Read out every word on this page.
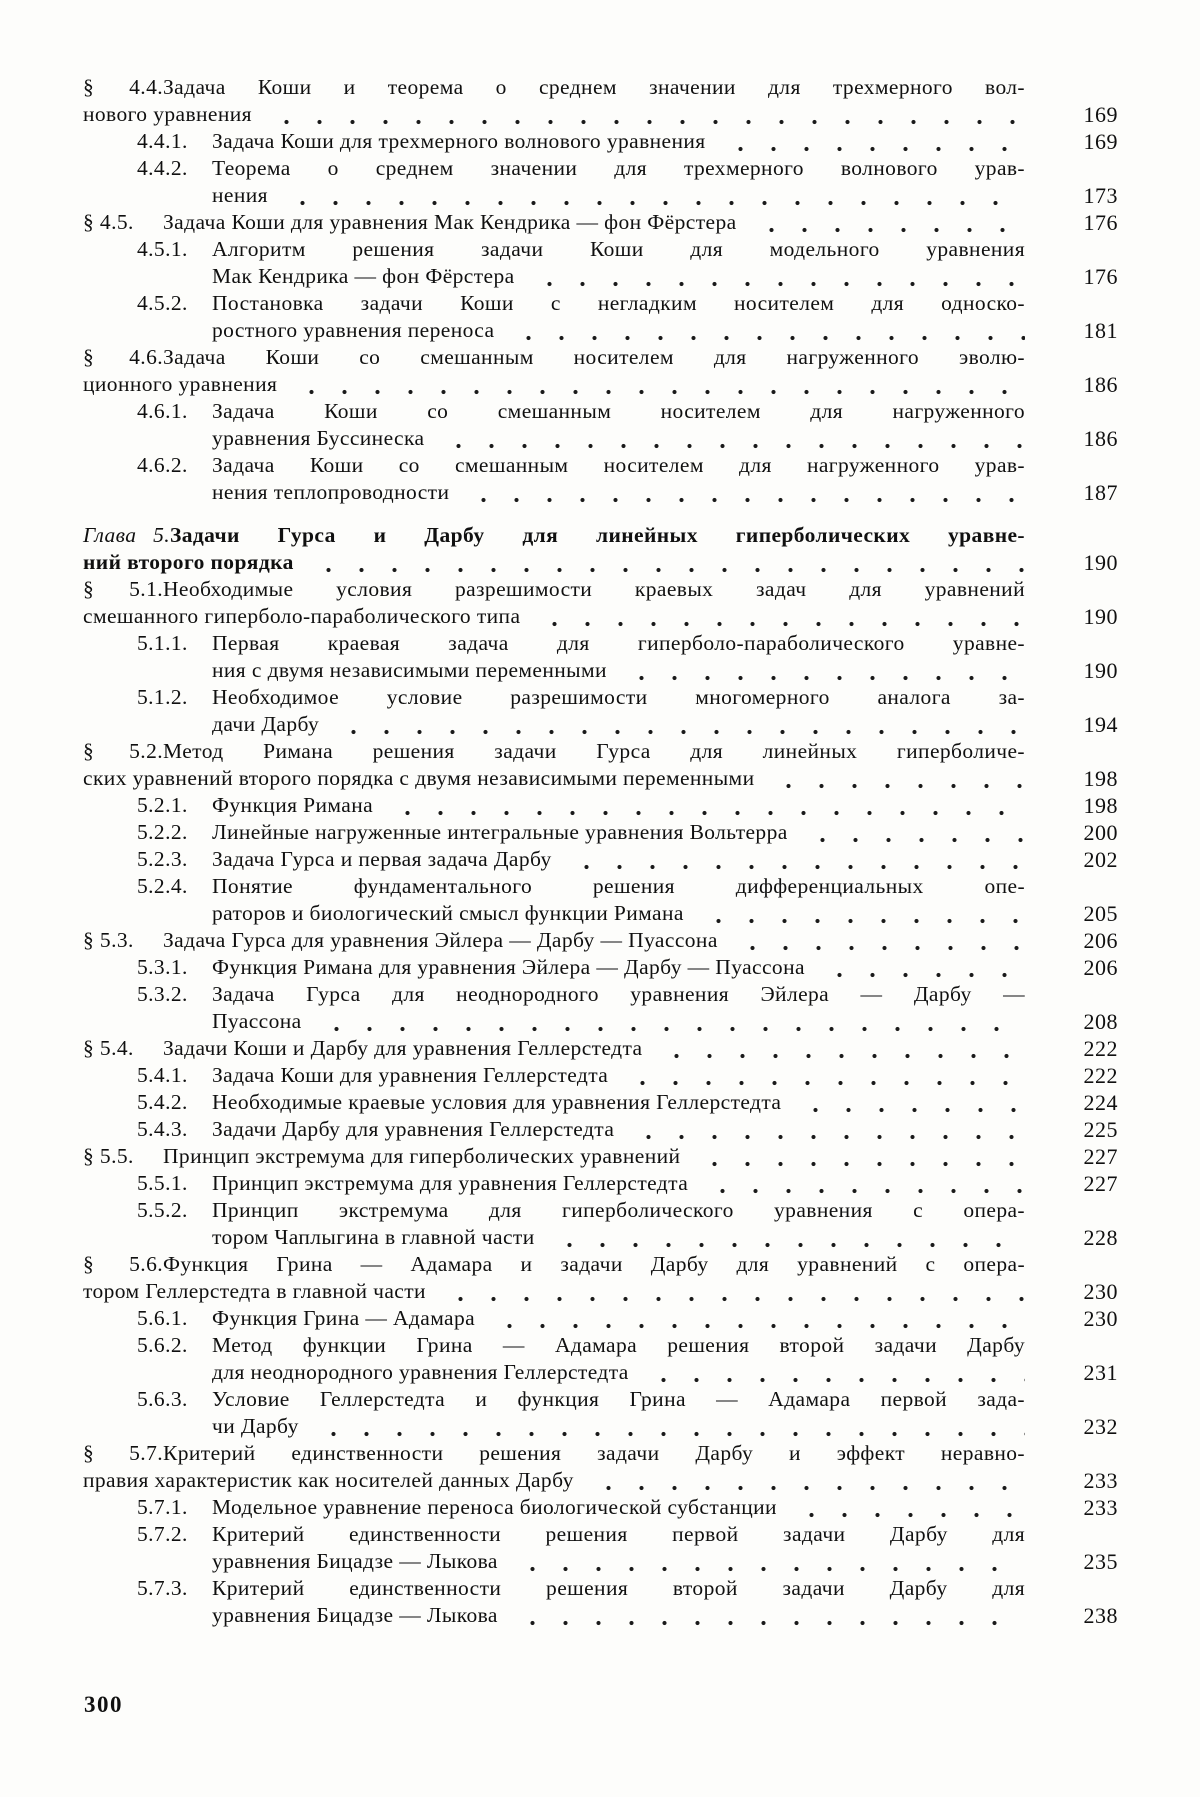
§ 4.4.Задача Коши и теорема о среднем значении для трехмерного вол-
нового уравнения	169
4.4.1.	Задача Коши для трехмерного волнового уравнения	169
4.4.2. Теорема о среднем значении для трехмерного волнового урав-
нения	173
§ 4.5.	Задача Коши для уравнения Мак Кендрика — фон Фёрстера	176
4.5.1. Алгоритм решения задачи Коши для модельного уравнения
Мак Кендрика — фон Фёрстера	176
4.5.2. Постановка задачи Коши с негладким носителем для односко-
ростного уравнения переноса	181
§ 4.6.Задача Коши со смешанным носителем для нагруженного эволю-
ционного уравнения	186
4.6.1. Задача Коши со смешанным носителем для нагруженного
уравнения Буссинеска	186
4.6.2. Задача Коши со смешанным носителем для нагруженного урав-
нения теплопроводности	187
Глава 5.Задачи Гурса и Дарбу для линейных гиперболических уравне-
ний второго порядка	190
§ 5.1.Необходимые условия разрешимости краевых задач для уравнений
смешанного гиперболо-параболического типа	190
5.1.1. Первая краевая задача для гиперболо-параболического уравне-
ния с двумя независимыми переменными	190
5.1.2. Необходимое условие разрешимости многомерного аналога за-
дачи Дарбу	194
§ 5.2.Метод Римана решения задачи Гурса для линейных гиперболиче-
ских уравнений второго порядка с двумя независимыми переменными	198
5.2.1.	Функция Римана	198
5.2.2.	Линейные нагруженные интегральные уравнения Вольтерра	200
5.2.3.	Задача Гурса и первая задача Дарбу	202
5.2.4. Понятие фундаментального решения дифференциальных опе-
раторов и биологический смысл функции Римана	205
§ 5.3.	Задача Гурса для уравнения Эйлера — Дарбу — Пуассона	206
5.3.1.	Функция Римана для уравнения Эйлера — Дарбу — Пуассона	206
5.3.2. Задача Гурса для неоднородного уравнения Эйлера — Дарбу —
Пуассона	208
§ 5.4.	Задачи Коши и Дарбу для уравнения Геллерстедта	222
5.4.1.	Задача Коши для уравнения Геллерстедта	222
5.4.2.	Необходимые краевые условия для уравнения Геллерстедта	224
5.4.3.	Задачи Дарбу для уравнения Геллерстедта	225
§ 5.5.	Принцип экстремума для гиперболических уравнений	227
5.5.1.	Принцип экстремума для уравнения Геллерстедта	227
5.5.2. Принцип экстремума для гиперболического уравнения с опера-
тором Чаплыгина в главной части	228
§ 5.6.Функция Грина — Адамара и задачи Дарбу для уравнений с опера-
тором Геллерстедта в главной части	230
5.6.1.	Функция Грина — Адамара	230
5.6.2. Метод функции Грина — Адамара решения второй задачи Дарбу
для неоднородного уравнения Геллерстедта	231
5.6.3. Условие Геллерстедта и функция Грина — Адамара первой зада-
чи Дарбу	232
§ 5.7.Критерий единственности решения задачи Дарбу и эффект неравно-
правия характеристик как носителей данных Дарбу	233
5.7.1.	Модельное уравнение переноса биологической субстанции	233
5.7.2. Критерий единственности решения первой задачи Дарбу для
уравнения Бицадзе — Лыкова	235
5.7.3. Критерий единственности решения второй задачи Дарбу для
уравнения Бицадзе — Лыкова	238
300
